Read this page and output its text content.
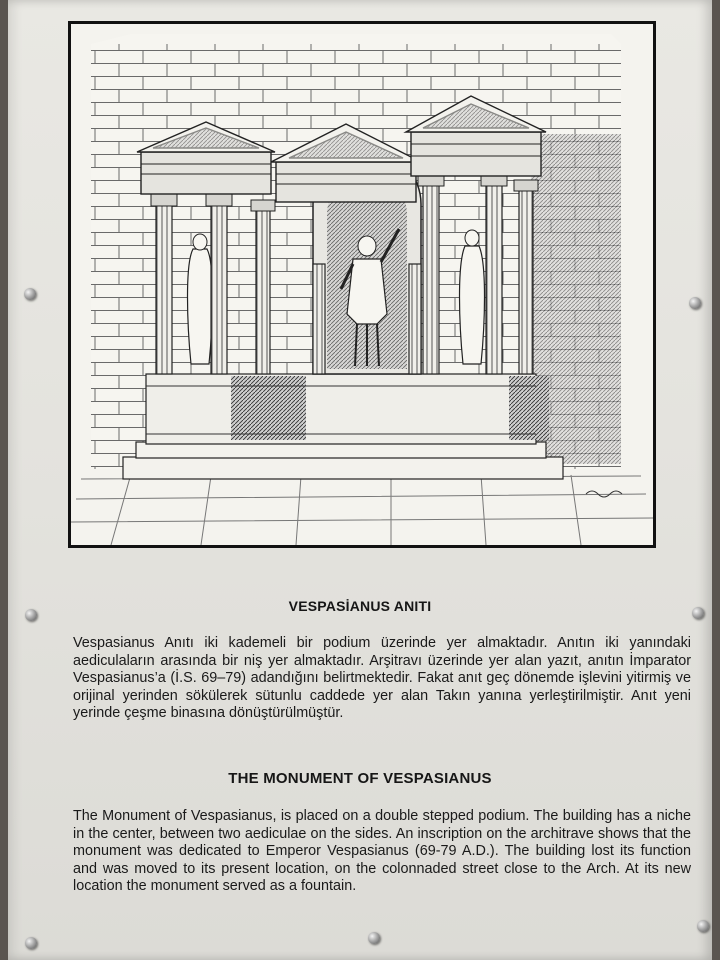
VESPASİANUS ANITI

Vespasianus Anıtı iki kademeli bir podium üzerinde yer almaktadır. Anıtın iki yanındaki aediculaların arasında bir niş yer almaktadır. Arşitravı üzerinde yer alan yazıt, anıtın İmparator Vespasianus’a (İ.S. 69–79) adandığını belirtmektedir. Fakat anıt geç dönemde işlevini yitirmiş ve orijinal yerinden sökülerek sütunlu caddede yer alan Takın yanına yerleştirilmiştir. Anıt yeni yerinde çeşme binasına dönüştürülmüştür.

THE MONUMENT OF VESPASIANUS

The Monument of Vespasianus, is placed on a double stepped podium. The building has a niche in the center, between two aediculae on the sides. An inscription on the architrave shows that the monument was dedicated to Emperor Vespasianus (69-79 A.D.). The building lost its function and was moved to its present location, on the colonnaded street close to the Arch. At its new location the monument served as a fountain.
